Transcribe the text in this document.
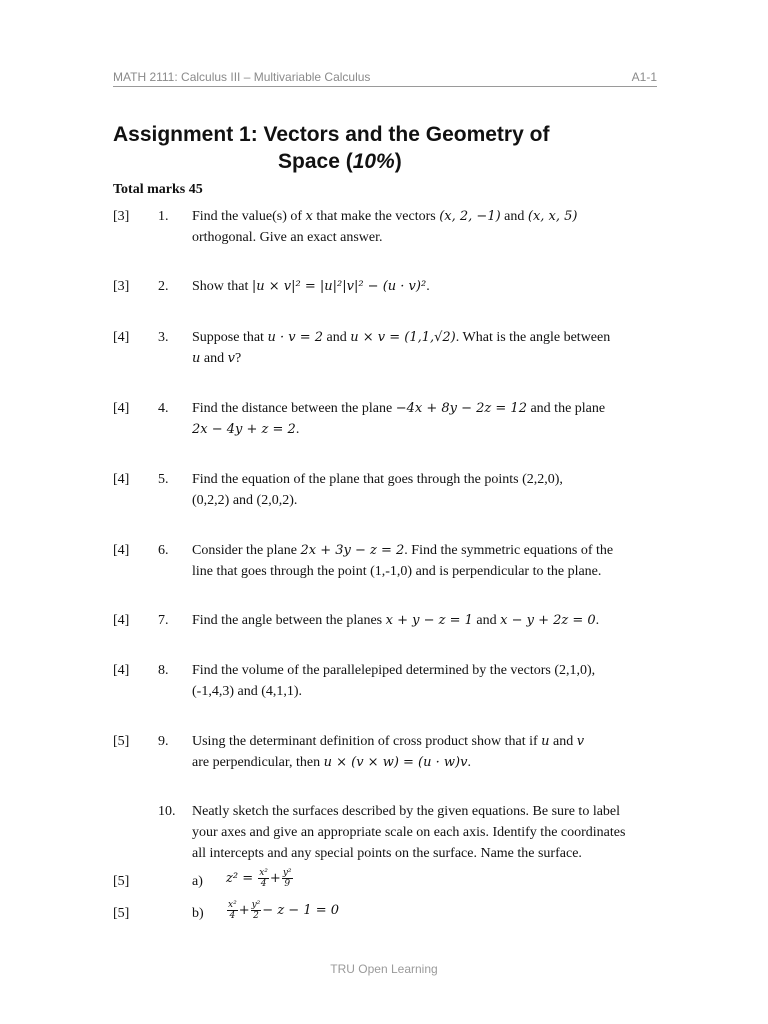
MATH 2111: Calculus III – Multivariable Calculus	A1-1
Assignment 1: Vectors and the Geometry of
Space (10%)
Total marks 45
[3] 1. Find the value(s) of x that make the vectors (x, 2, −1) and (x, x, 5)
orthogonal. Give an exact answer.
[3] 2. Show that |u × v|² = |u|²|v|² − (u · v)².
[4] 3. Suppose that u · v = 2 and u × v = (1,1,√2). What is the angle between
u and v?
[4] 4. Find the distance between the plane −4x + 8y − 2z = 12 and the plane
2x − 4y + z = 2.
[4] 5. Find the equation of the plane that goes through the points (2,2,0),
(0,2,2) and (2,0,2).
[4] 6. Consider the plane 2x + 3y − z = 2. Find the symmetric equations of the
line that goes through the point (1,-1,0) and is perpendicular to the plane.
[4] 7. Find the angle between the planes x + y − z = 1 and x − y + 2z = 0.
[4] 8. Find the volume of the parallelepiped determined by the vectors (2,1,0),
(-1,4,3) and (4,1,1).
[5] 9. Using the determinant definition of cross product show that if u and v
are perpendicular, then u × (v × w) = (u · w)v.
10. Neatly sketch the surfaces described by the given equations. Be sure to label
your axes and give an appropriate scale on each axis. Identify the coordinates
all intercepts and any special points on the surface. Name the surface.
[5]	a) $z^2 = \frac{\text{x²}}{4} + \frac{\text{y²}}{9}$
[5]	b)	$\frac{\text{x²}}{4} + \frac{\text{y²}}{2} - z - 1 = 0$
TRU Open Learning
